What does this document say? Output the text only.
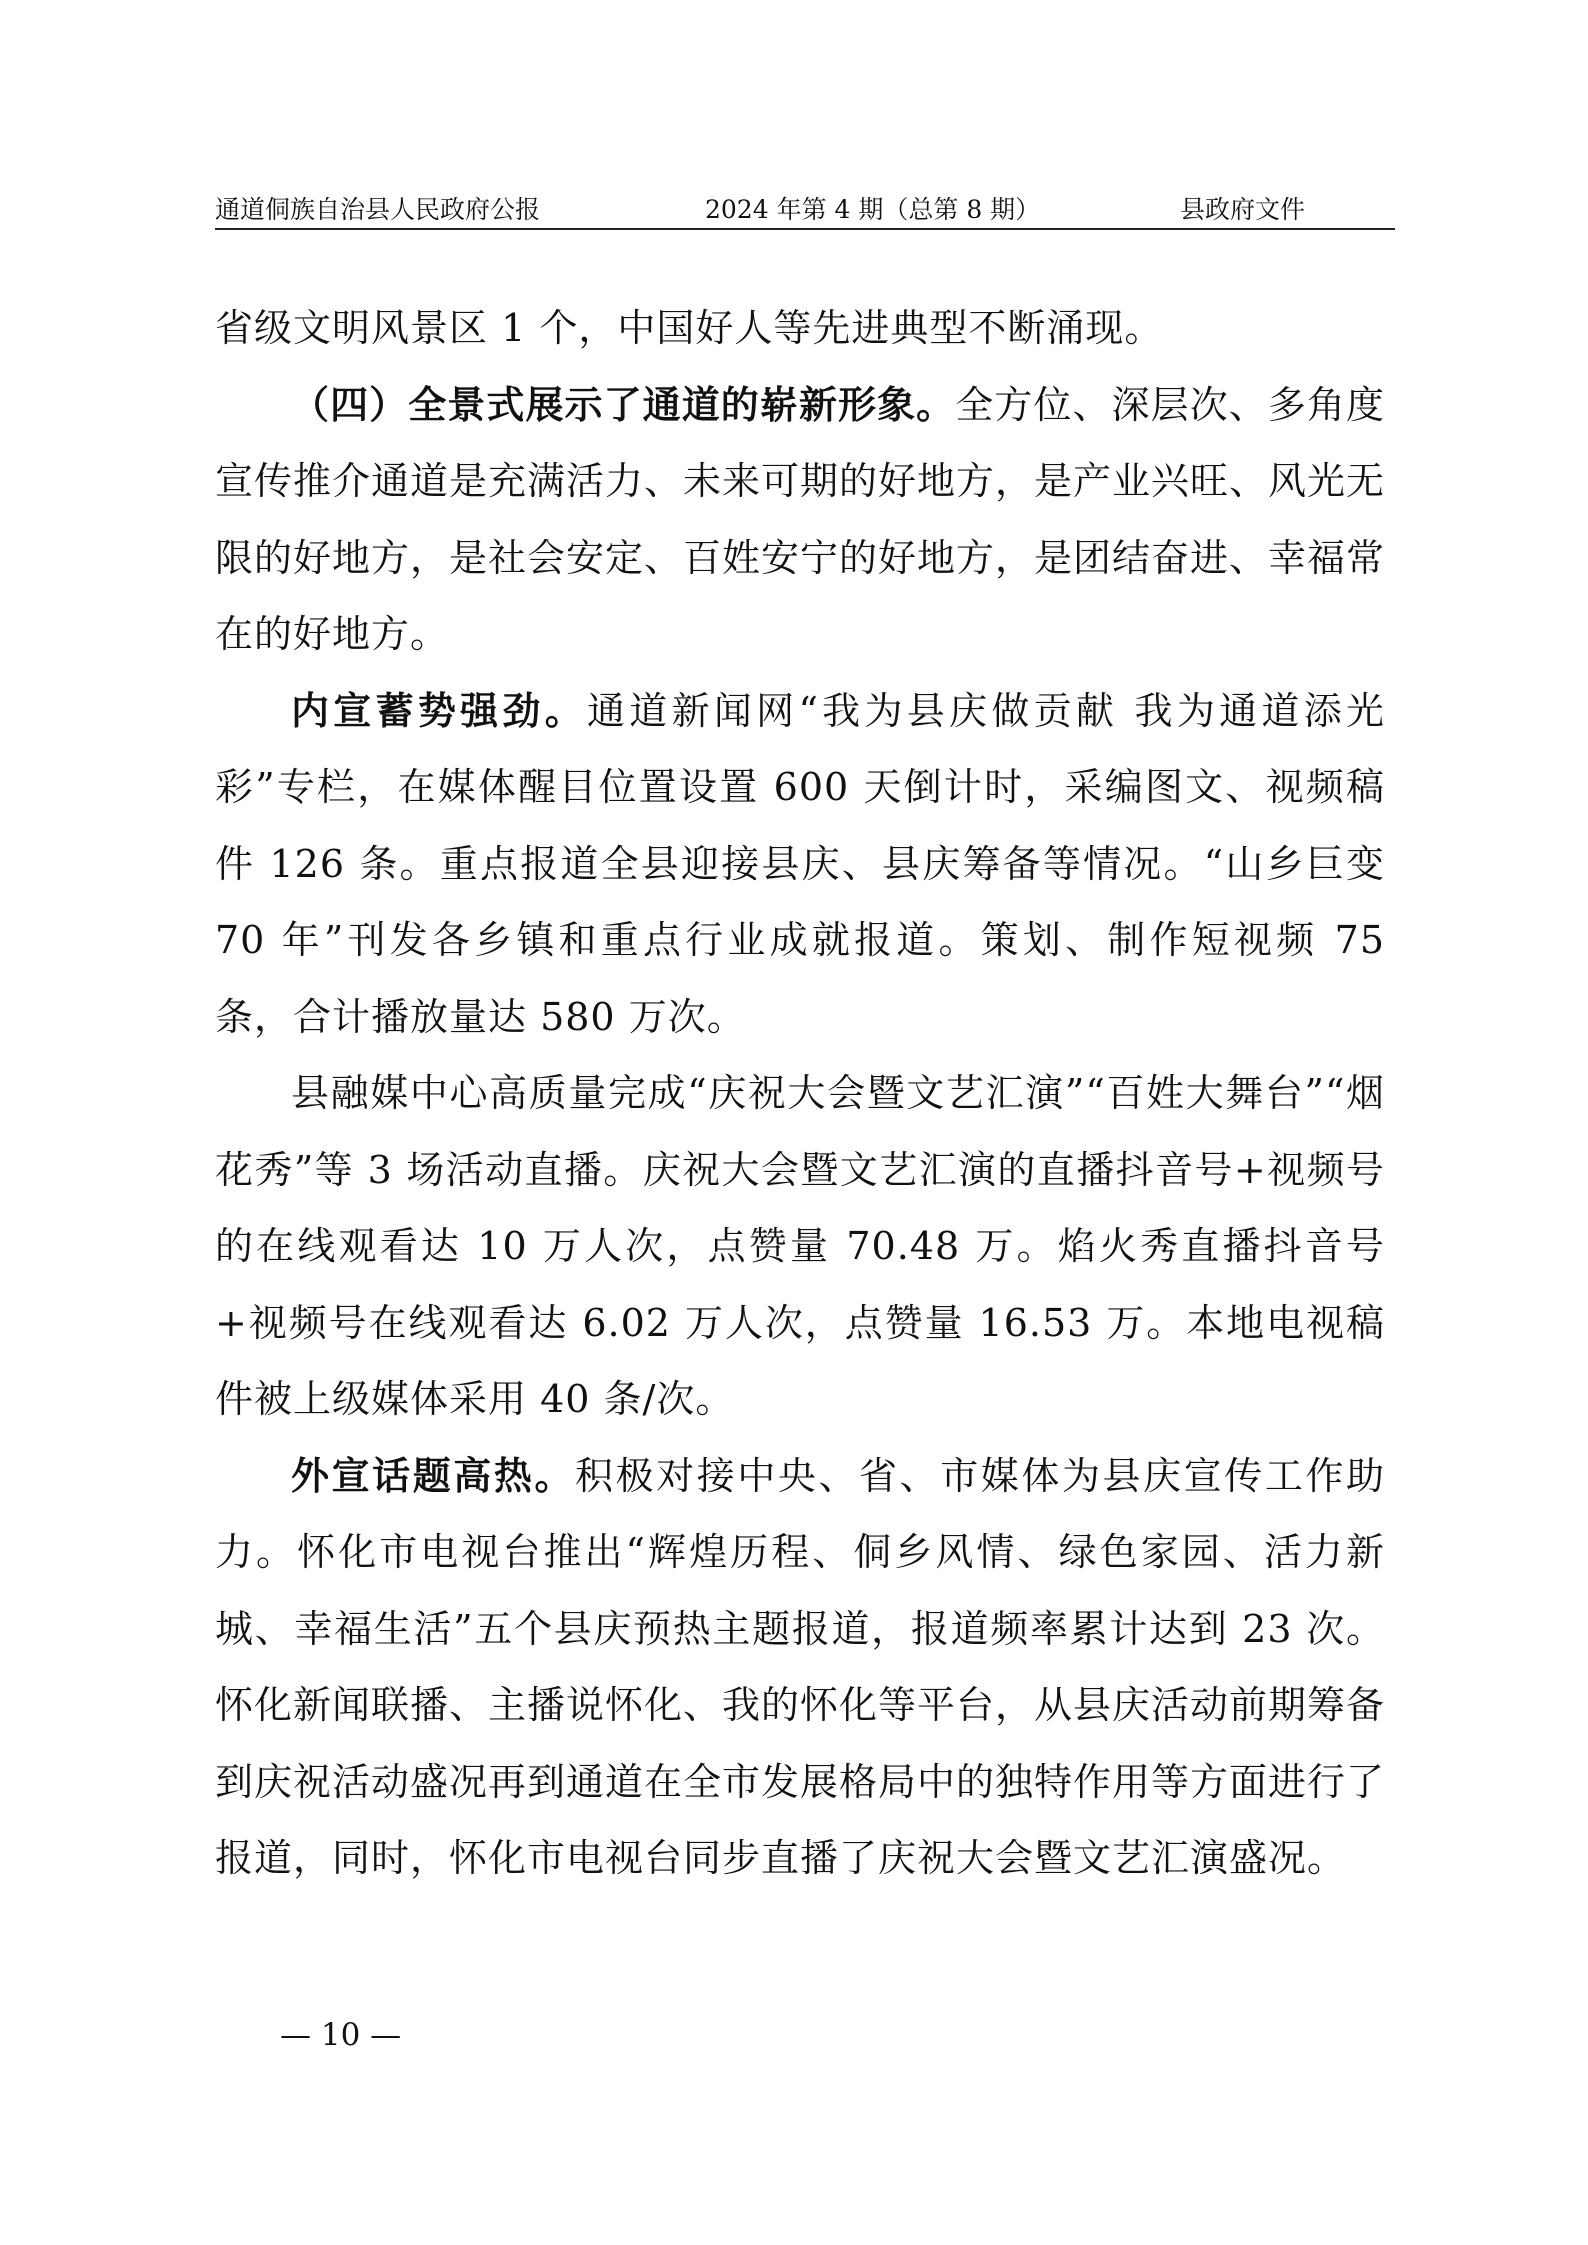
通道侗族自治县人民政府公报	2024 年第 4 期（总第 8 期）	县政府文件

省级文明风景区 1 个，中国好人等先进典型不断涌现。

（四）全景式展示了通道的崭新形象。全方位、深层次、多角度宣传推介通道是充满活力、未来可期的好地方，是产业兴旺、风光无限的好地方，是社会安定、百姓安宁的好地方，是团结奋进、幸福常在的好地方。

内宣蓄势强劲。通道新闻网“我为县庆做贡献 我为通道添光彩”专栏，在媒体醒目位置设置 600 天倒计时，采编图文、视频稿件 126 条。重点报道全县迎接县庆、县庆筹备等情况。“山乡巨变 70 年”刊发各乡镇和重点行业成就报道。策划、制作短视频 75 条，合计播放量达 580 万次。

县融媒中心高质量完成“庆祝大会暨文艺汇演”“百姓大舞台”“烟花秀”等 3 场活动直播。庆祝大会暨文艺汇演的直播抖音号+视频号的在线观看达 10 万人次，点赞量 70.48 万。焰火秀直播抖音号+视频号在线观看达 6.02 万人次，点赞量 16.53 万。本地电视稿件被上级媒体采用 40 条/次。

外宣话题高热。积极对接中央、省、市媒体为县庆宣传工作助力。怀化市电视台推出“辉煌历程、侗乡风情、绿色家园、活力新城、幸福生活”五个县庆预热主题报道，报道频率累计达到 23 次。怀化新闻联播、主播说怀化、我的怀化等平台，从县庆活动前期筹备到庆祝活动盛况再到通道在全市发展格局中的独特作用等方面进行了报道，同时，怀化市电视台同步直播了庆祝大会暨文艺汇演盛况。

— 10 —
